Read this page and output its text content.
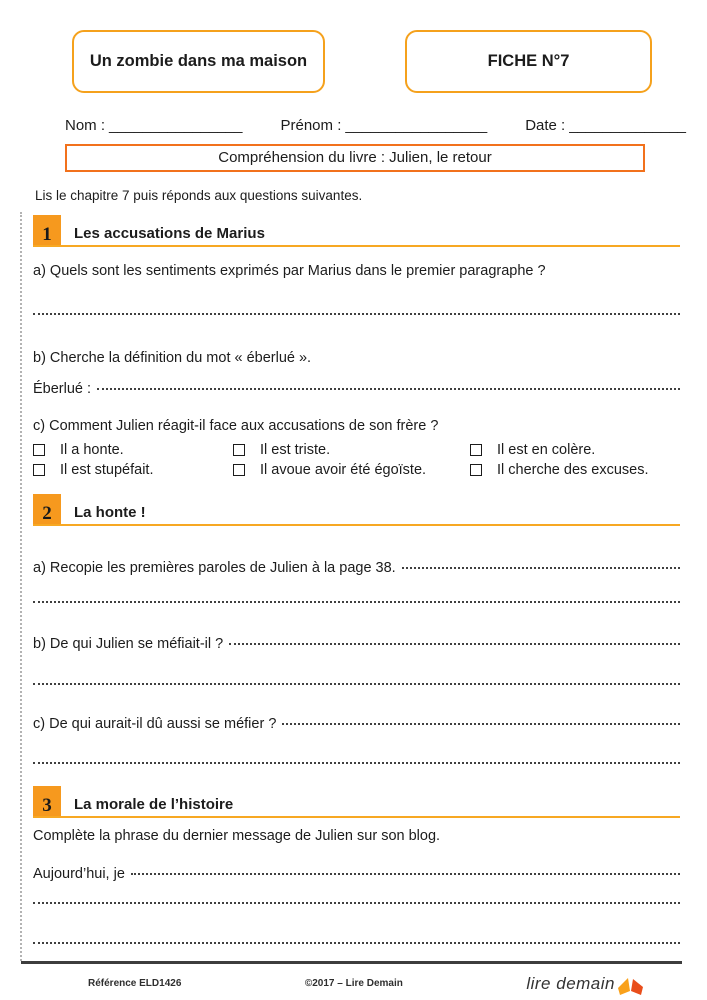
Un zombie dans ma maison	FICHE N°7
Nom : ________________	Prénom : _________________	Date : ______________
Compréhension du livre : Julien, le retour
Lis le chapitre 7 puis réponds aux questions suivantes.
1	Les accusations de Marius
a) Quels sont les sentiments exprimés par Marius dans le premier paragraphe ?
b) Cherche la définition du mot « éberlué ».
Éberlué :
c) Comment Julien réagit-il face aux accusations de son frère ?
Il a honte.
Il est stupéfait.
Il est triste.
Il avoue avoir été égoïste.
Il est en colère.
Il cherche des excuses.
2	La honte !
a) Recopie les premières paroles de Julien à la page 38.
b) De qui Julien se méfiait-il ?
c) De qui aurait-il dû aussi se méfier ?
3	La morale de l’histoire
Complète la phrase du dernier message de Julien sur son blog.
Aujourd’hui, je
Référence ELD1426	©2017 – Lire Demain	lire demain
